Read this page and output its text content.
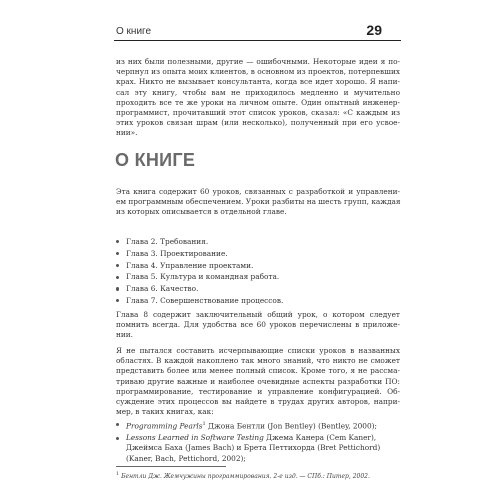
О книге	29
из них были полезными, другие — ошибочными. Некоторые идеи я по-
черпнул из опыта моих клиентов, в основном из проектов, потерпевших
крах. Никто не вызывает консультанта, когда все идет хорошо. Я напи-
сал эту книгу, чтобы вам не приходилось медленно и мучительно
проходить все те же уроки на личном опыте. Один опытный инженер-
программист, прочитавший этот список уроков, сказал: «С каждым из
этих уроков связан шрам (или несколько), полученный при его усвое-
нии».
О КНИГЕ
Эта книга содержит 60 уроков, связанных с разработкой и управлени-
ем программным обеспечением. Уроки разбиты на шесть групп, каждая
из которых описывается в отдельной главе.
Глава 2. Требования.
Глава 3. Проектирование.
Глава 4. Управление проектами.
Глава 5. Культура и командная работа.
Глава 6. Качество.
Глава 7. Совершенствование процессов.
Глава 8 содержит заключительный общий урок, о котором следует
помнить всегда. Для удобства все 60 уроков перечислены в приложе-
нии.
Я не пытался составить исчерпывающие списки уроков в названных
областях. В каждой накоплено так много знаний, что никто не сможет
представить более или менее полный список. Кроме того, я не рассма-
триваю другие важные и наиболее очевидные аспекты разработки ПО:
программирование, тестирование и управление конфигурацией. Об-
суждение этих процессов вы найдете в трудах других авторов, напри-
мер, в таких книгах, как:
Programming Pearls$^1$ Джона Бентли (Jon Bentley) (Bentley, 2000);
Lessons Learned in Software Testing Джема Канера (Cem Kaner),
Джеймса Баха (James Bach) и Брета Петтихорда (Bret Pettichord)
(Kaner, Bach, Pettichord, 2002);
$^1$ Бентли Дж. Жемчужины программирования. 2-е изд. — СПб.: Питер, 2002.
